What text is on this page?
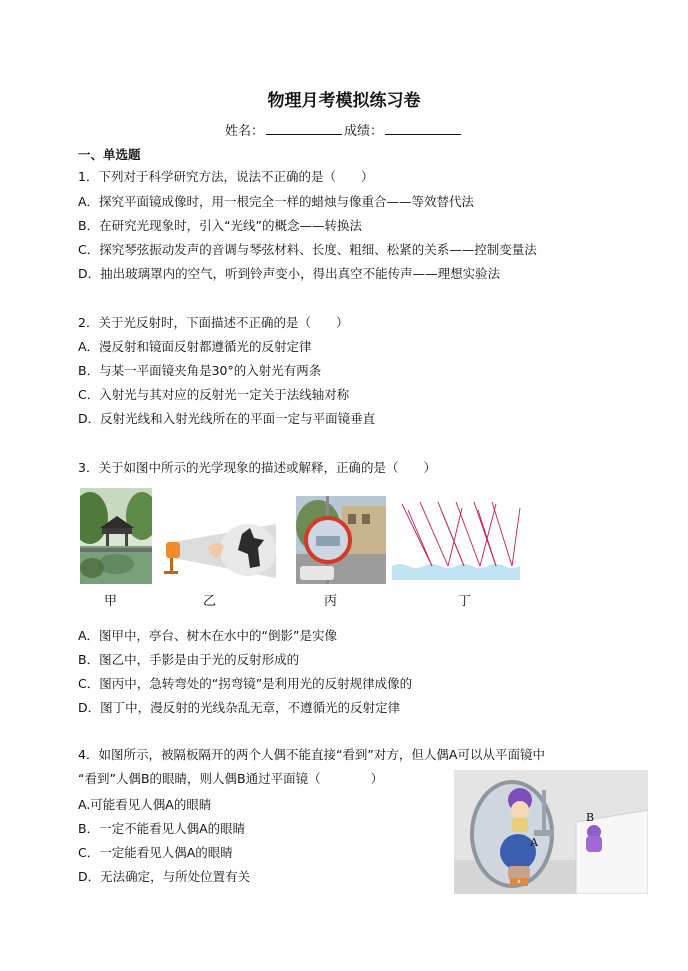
物理月考模拟练习卷
姓名：	成绩：
一、单选题
1．下列对于科学研究方法，说法不正确的是（　　）
A．探究平面镜成像时，用一根完全一样的蜡烛与像重合——等效替代法
B．在研究光现象时，引入“光线”的概念——转换法
C．探究琴弦振动发声的音调与琴弦材料、长度、粗细、松紧的关系——控制变量法
D．抽出玻璃罩内的空气，听到铃声变小，得出真空不能传声——理想实验法
2．关于光反射时，下面描述不正确的是（　　）
A．漫反射和镜面反射都遵循光的反射定律
B．与某一平面镜夹角是30°的入射光有两条
C．入射光与其对应的反射光一定关于法线轴对称
D．反射光线和入射光线所在的平面一定与平面镜垂直
3．关于如图中所示的光学现象的描述或解释，正确的是（　　）
甲	乙	丙	丁
A．图甲中，亭台、树木在水中的“倒影”是实像
B．图乙中，手影是由于光的反射形成的
C．图丙中，急转弯处的“拐弯镜”是利用光的反射规律成像的
D．图丁中，漫反射的光线杂乱无章，不遵循光的反射定律
4．如图所示，被隔板隔开的两个人偶不能直接“看到”对方，但人偶A可以从平面镜中
“看到”人偶B的眼睛，则人偶B通过平面镜（　　　　）
A.可能看见人偶A的眼睛
B．一定不能看见人偶A的眼睛
C．一定能看见人偶A的眼睛
D．无法确定，与所处位置有关
B
A
